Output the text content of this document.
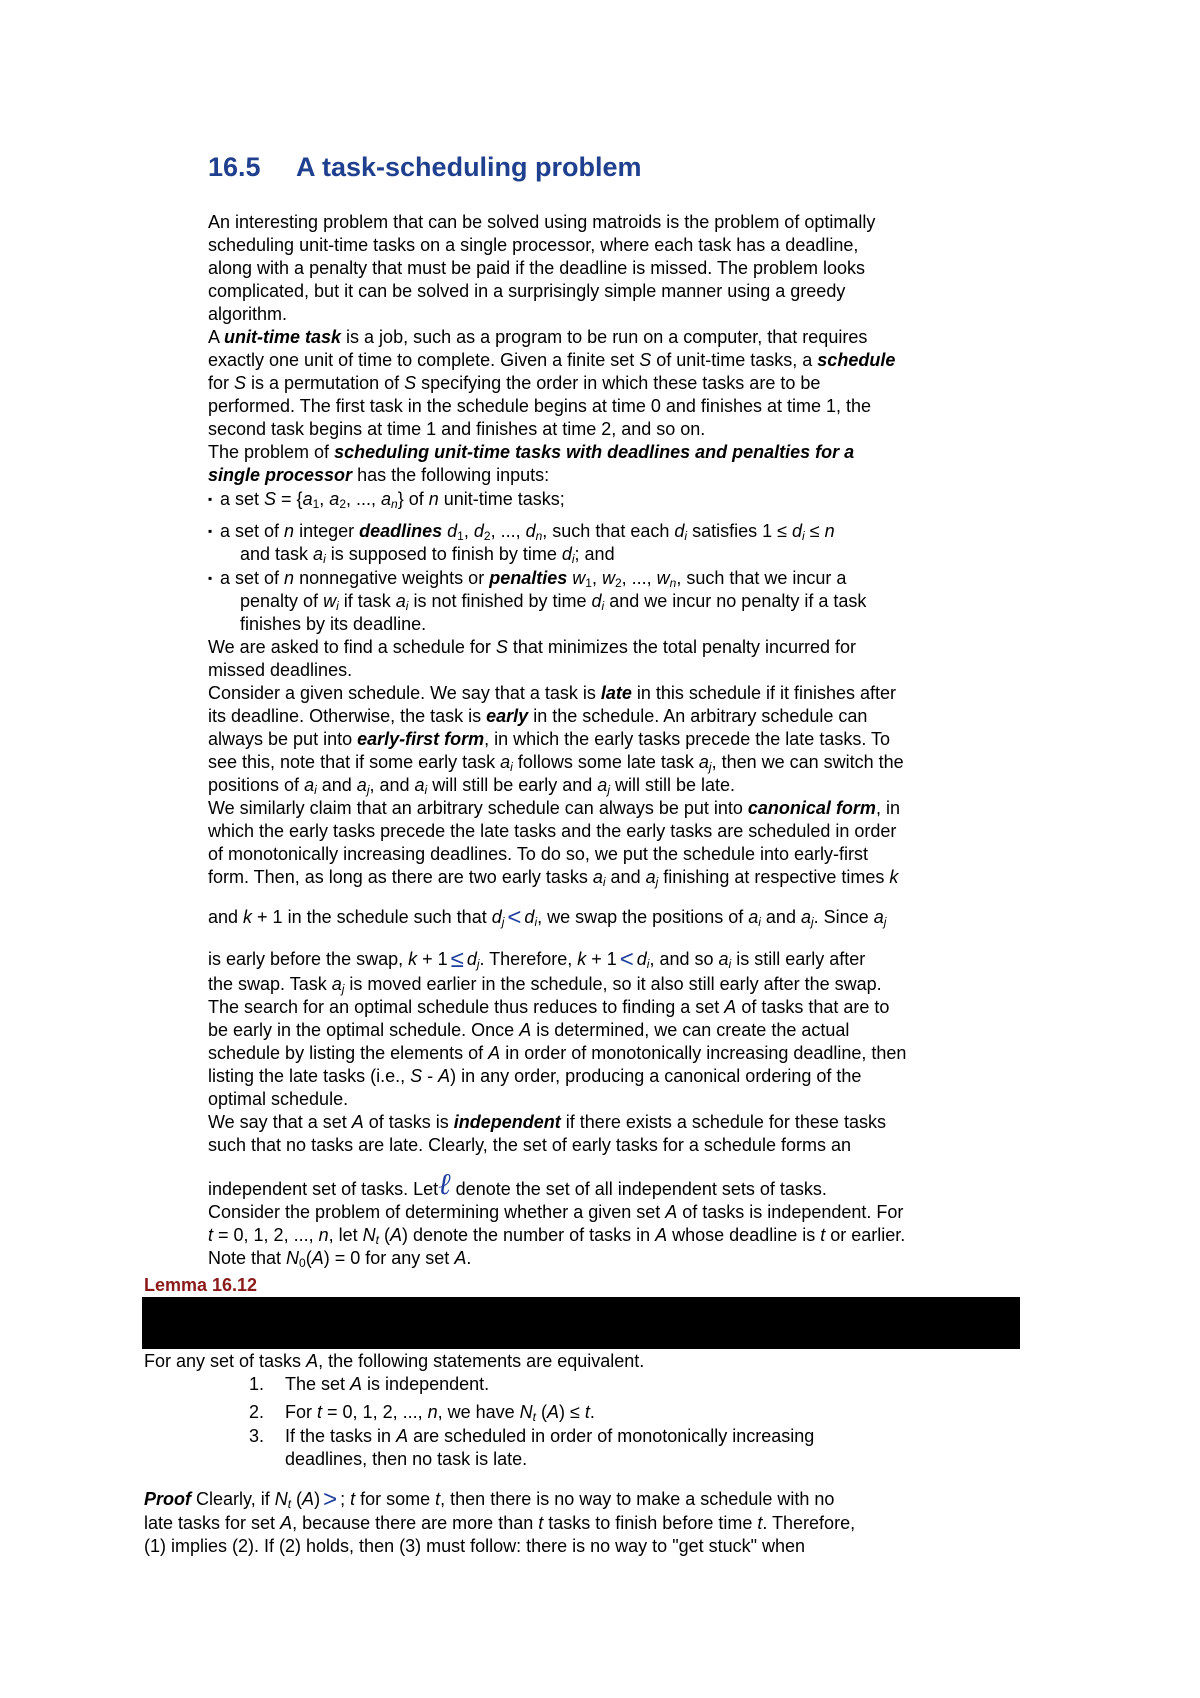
16.5 A task-scheduling problem
An interesting problem that can be solved using matroids is the problem of optimally
scheduling unit-time tasks on a single processor, where each task has a deadline,
along with a penalty that must be paid if the deadline is missed. The problem looks
complicated, but it can be solved in a surprisingly simple manner using a greedy
algorithm.
A unit-time task is a job, such as a program to be run on a computer, that requires
exactly one unit of time to complete. Given a finite set S of unit-time tasks, a schedule
for S is a permutation of S specifying the order in which these tasks are to be
performed. The first task in the schedule begins at time 0 and finishes at time 1, the
second task begins at time 1 and finishes at time 2, and so on.
The problem of scheduling unit-time tasks with deadlines and penalties for a
single processor has the following inputs:
▪ a set $S = \{a_1$, $a_2$, ..., $a_n$} of n unit-time tasks;
▪ a set of n integer deadlines $d_1$, $d_2$, ..., $d_n$, such that each $d_i$ satisfies $1 \le d_i \le n$
and task $a_i$ is supposed to finish by time $d_i$; and
▪ a set of n nonnegative weights or penalties $w_1$, $w_2$, ..., $w_n$, such that we incur a
penalty of $w_i$ if task $a_i$ is not finished by time $d_i$ and we incur no penalty if a task
finishes by its deadline.
We are asked to find a schedule for S that minimizes the total penalty incurred for
missed deadlines.
Consider a given schedule. We say that a task is late in this schedule if it finishes after
its deadline. Otherwise, the task is early in the schedule. An arbitrary schedule can
always be put into early-first form, in which the early tasks precede the late tasks. To
see this, note that if some early task $a_i$ follows some late task $a_j$, then we can switch the
positions of $a_i$ and $a_j$, and $a_i$ will still be early and $a_j$ will still be late.
We similarly claim that an arbitrary schedule can always be put into canonical form, in
which the early tasks precede the late tasks and the early tasks are scheduled in order
of monotonically increasing deadlines. To do so, we put the schedule into early-first
form. Then, as long as there are two early tasks $a_i$ and $a_j$ finishing at respective times k
and k + 1 in the schedule such that $d_j < d_i$, we swap the positions of $a_i$ and $a_j$. Since $a_j$
is early before the swap, $k + 1 \le d_j$. Therefore, $k + 1 < d_i$, and so $a_i$ is still early after
the swap. Task $a_j$ is moved earlier in the schedule, so it also still early after the swap.
The search for an optimal schedule thus reduces to finding a set A of tasks that are to
be early in the optimal schedule. Once A is determined, we can create the actual
schedule by listing the elements of A in order of monotonically increasing deadline, then
listing the late tasks (i.e., S - A) in any order, producing a canonical ordering of the
optimal schedule.
We say that a set A of tasks is independent if there exists a schedule for these tasks
such that no tasks are late. Clearly, the set of early tasks for a schedule forms an
independent set of tasks. Letℓ denote the set of all independent sets of tasks.
Consider the problem of determining whether a given set A of tasks is independent. For
t = 0, 1, 2, ..., n, let $N_t$ (A) denote the number of tasks in A whose deadline is t or earlier.
Note that $N_0(A) = 0$ for any set A.
Lemma 16.12
For any set of tasks A, the following statements are equivalent.
1. The set A is independent.
2. For t = 0, 1, 2, ..., n, we have $N_t$ (A) ≤ t.
3. If the tasks in A are scheduled in order of monotonically increasing
deadlines, then no task is late.
Proof Clearly, if $N_t$ (A) > ; t for some t, then there is no way to make a schedule with no
late tasks for set A, because there are more than t tasks to finish before time t. Therefore,
(1) implies (2). If (2) holds, then (3) must follow: there is no way to "get stuck" when
